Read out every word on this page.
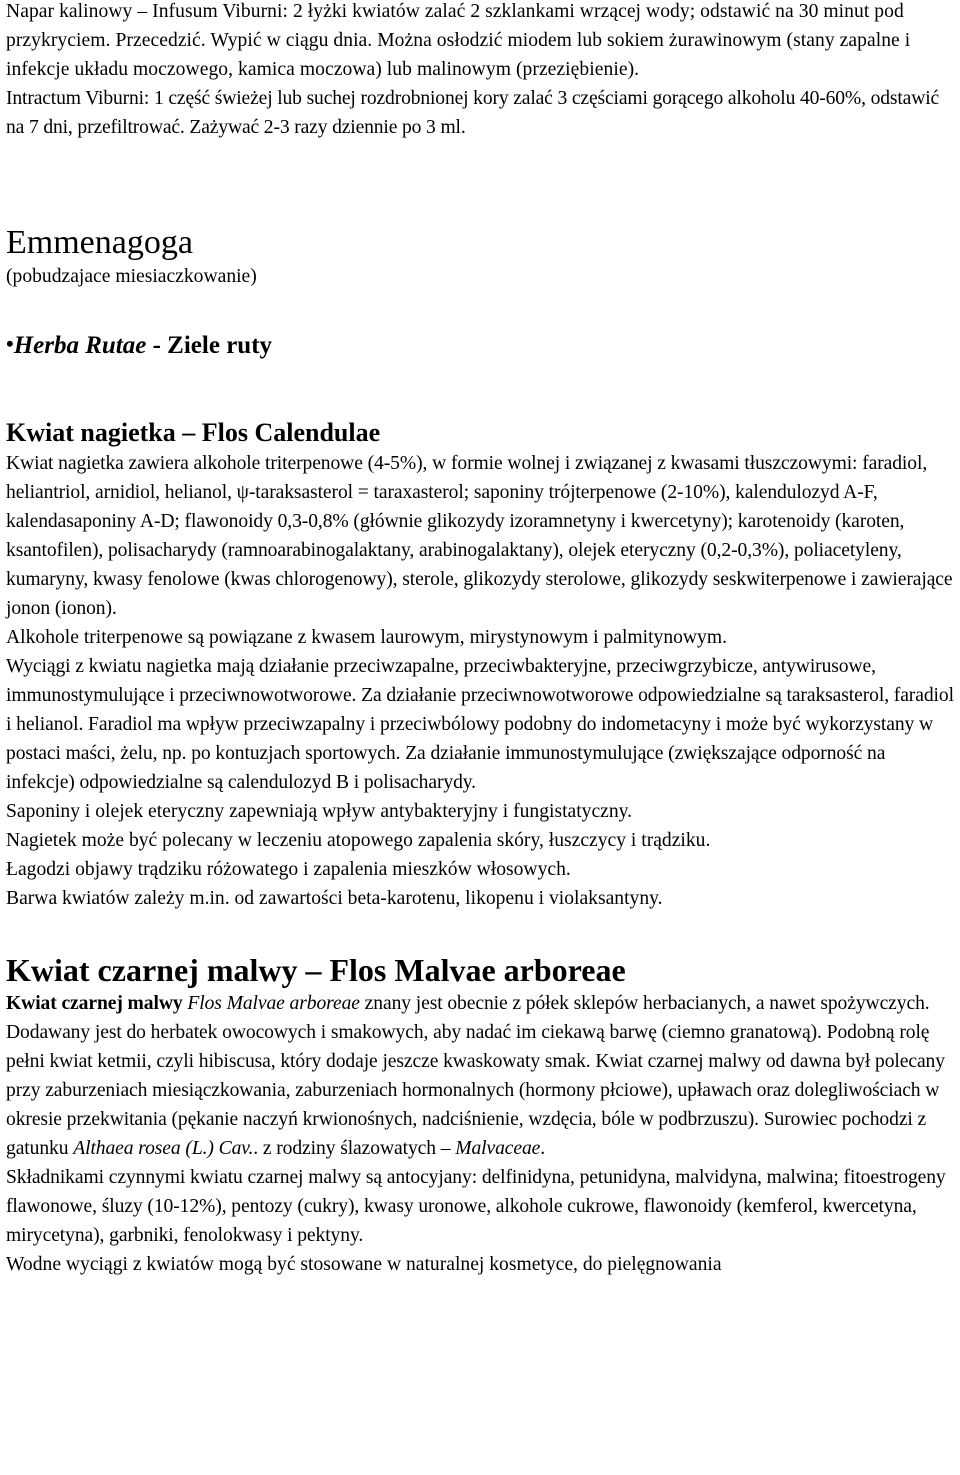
Napar kalinowy – Infusum Viburni: 2 łyżki kwiatów zalać 2 szklankami wrzącej wody; odstawić na 30 minut pod przykryciem. Przecedzić. Wypić w ciągu dnia. Można osłodzić miodem lub sokiem żurawinowym (stany zapalne i infekcje układu moczowego, kamica moczowa) lub malinowym (przeziębienie).

Intractum Viburni: 1 część świeżej lub suchej rozdrobnionej kory zalać 3 częściami gorącego alkoholu 40-60%, odstawić na 7 dni, przefiltrować. Zażywać 2-3 razy dziennie po 3 ml.

Emmenagoga

(pobudzajace miesiaczkowanie)

•Herba Rutae - Ziele ruty

Kwiat nagietka – Flos Calendulae

Kwiat nagietka zawiera alkohole triterpenowe (4-5%), w formie wolnej i związanej z kwasami tłuszczowymi: faradiol, heliantriol, arnidiol, helianol, ψ-taraksasterol = taraxasterol; saponiny trójterpenowe (2-10%), kalendulozyd A-F, kalendasaponiny A-D; flawonoidy 0,3-0,8% (głównie glikozydy izoramnetyny i kwercetyny); karotenoidy (karoten, ksantofilen), polisacharydy (ramnoarabinogalaktany, arabinogalaktany), olejek eteryczny (0,2-0,3%), poliacetyleny, kumaryny, kwasy fenolowe (kwas chlorogenowy), sterole, glikozydy sterolowe, glikozydy seskwiterpenowe i zawierające jonon (ionon).

Alkohole triterpenowe są powiązane z kwasem laurowym, mirystynowym i palmitynowym.

Wyciągi z kwiatu nagietka mają działanie przeciwzapalne, przeciwbakteryjne, przeciwgrzybicze, antywirusowe, immunostymulujące i przeciwnowotworowe. Za działanie przeciwnowotworowe odpowiedzialne są taraksasterol, faradiol i helianol. Faradiol ma wpływ przeciwzapalny i przeciwbólowy podobny do indometacyny i może być wykorzystany w postaci maści, żelu, np. po kontuzjach sportowych. Za działanie immunostymulujące (zwiększające odporność na infekcje) odpowiedzialne są calendulozyd B i polisacharydy.

Saponiny i olejek eteryczny zapewniają wpływ antybakteryjny i fungistatyczny.

Nagietek może być polecany w leczeniu atopowego zapalenia skóry, łuszczycy i trądziku.

Łagodzi objawy trądziku różowatego i zapalenia mieszków włosowych.

Barwa kwiatów zależy m.in. od zawartości beta-karotenu, likopenu i violaksantyny.

Kwiat czarnej malwy – Flos Malvae arboreae

Kwiat czarnej malwy Flos Malvae arboreae znany jest obecnie z półek sklepów herbacianych, a nawet spożywczych. Dodawany jest do herbatek owocowych i smakowych, aby nadać im ciekawą barwę (ciemno granatową). Podobną rolę pełni kwiat ketmii, czyli hibiscusa, który dodaje jeszcze kwaskowaty smak. Kwiat czarnej malwy od dawna był polecany przy zaburzeniach miesiączkowania, zaburzeniach hormonalnych (hormony płciowe), upławach oraz dolegliwościach w okresie przekwitania (pękanie naczyń krwionośnych, nadciśnienie, wzdęcia, bóle w podbrzuszu). Surowiec pochodzi z gatunku Althaea rosea (L.) Cav.. z rodziny ślazowatych – Malvaceae.

Składnikami czynnymi kwiatu czarnej malwy są antocyjany: delfinidyna, petunidyna, malvidyna, malwina; fitoestrogeny flawonowe, śluzy (10-12%), pentozy (cukry), kwasy uronowe, alkohole cukrowe, flawonoidy (kemferol, kwercetyna, mirycetyna), garbniki, fenolokwasy i pektyny.

Wodne wyciągi z kwiatów mogą być stosowane w naturalnej kosmetyce, do pielęgnowania
